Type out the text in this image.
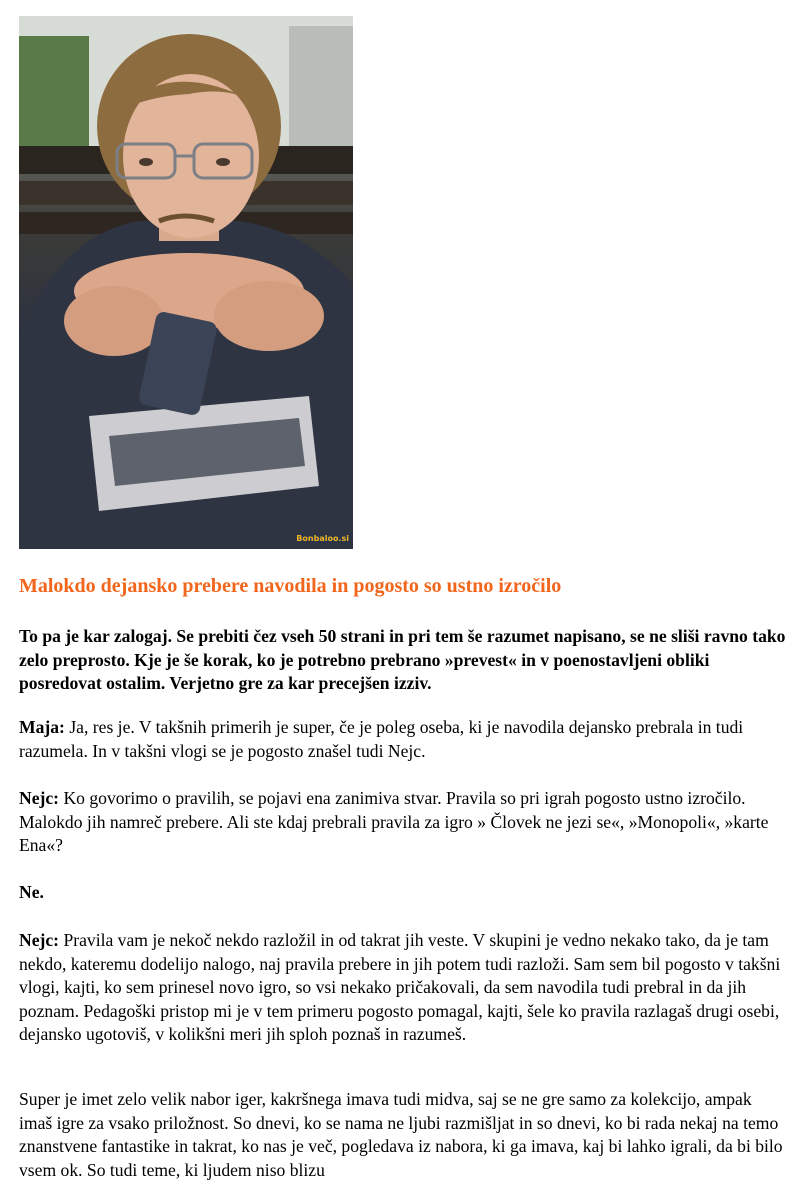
Bonbaloo.si
Malokdo dejansko prebere navodila in pogosto so ustno izročilo

To pa je kar zalogaj. Se prebiti čez vseh 50 strani in pri tem še razumet napisano, se ne sliši ravno tako zelo preprosto. Kje je še korak, ko je potrebno prebrano »prevest« in v poenostavljeni obliki posredovat ostalim. Verjetno gre za kar precejšen izziv.

Maja: Ja, res je. V takšnih primerih je super, če je poleg oseba, ki je navodila dejansko prebrala in tudi razumela. In v takšni vlogi se je pogosto znašel tudi Nejc.

Nejc: Ko govorimo o pravilih, se pojavi ena zanimiva stvar. Pravila so pri igrah pogosto ustno izročilo. Malokdo jih namreč prebere. Ali ste kdaj prebrali pravila za igro » Človek ne jezi se«, »Monopoli«, »karte Ena«?

Ne.

Nejc: Pravila vam je nekoč nekdo razložil in od takrat jih veste. V skupini je vedno nekako tako, da je tam nekdo, kateremu dodelijo nalogo, naj pravila prebere in jih potem tudi razloži. Sam sem bil pogosto v takšni vlogi, kajti, ko sem prinesel novo igro, so vsi nekako pričakovali, da sem navodila tudi prebral in da jih poznam. Pedagoški pristop mi je v tem primeru pogosto pomagal, kajti, šele ko pravila razlagaš drugi osebi, dejansko ugotoviš, v kolikšni meri jih sploh poznaš in razumeš.

Super je imet zelo velik nabor iger, kakršnega imava tudi midva, saj se ne gre samo za kolekcijo, ampak imaš igre za vsako priložnost. So dnevi, ko se nama ne ljubi razmišljat in so dnevi, ko bi rada nekaj na temo znanstvene fantastike in takrat, ko nas je več, pogledava iz nabora, ki ga imava, kaj bi lahko igrali, da bi bilo vsem ok. So tudi teme, ki ljudem niso blizu
